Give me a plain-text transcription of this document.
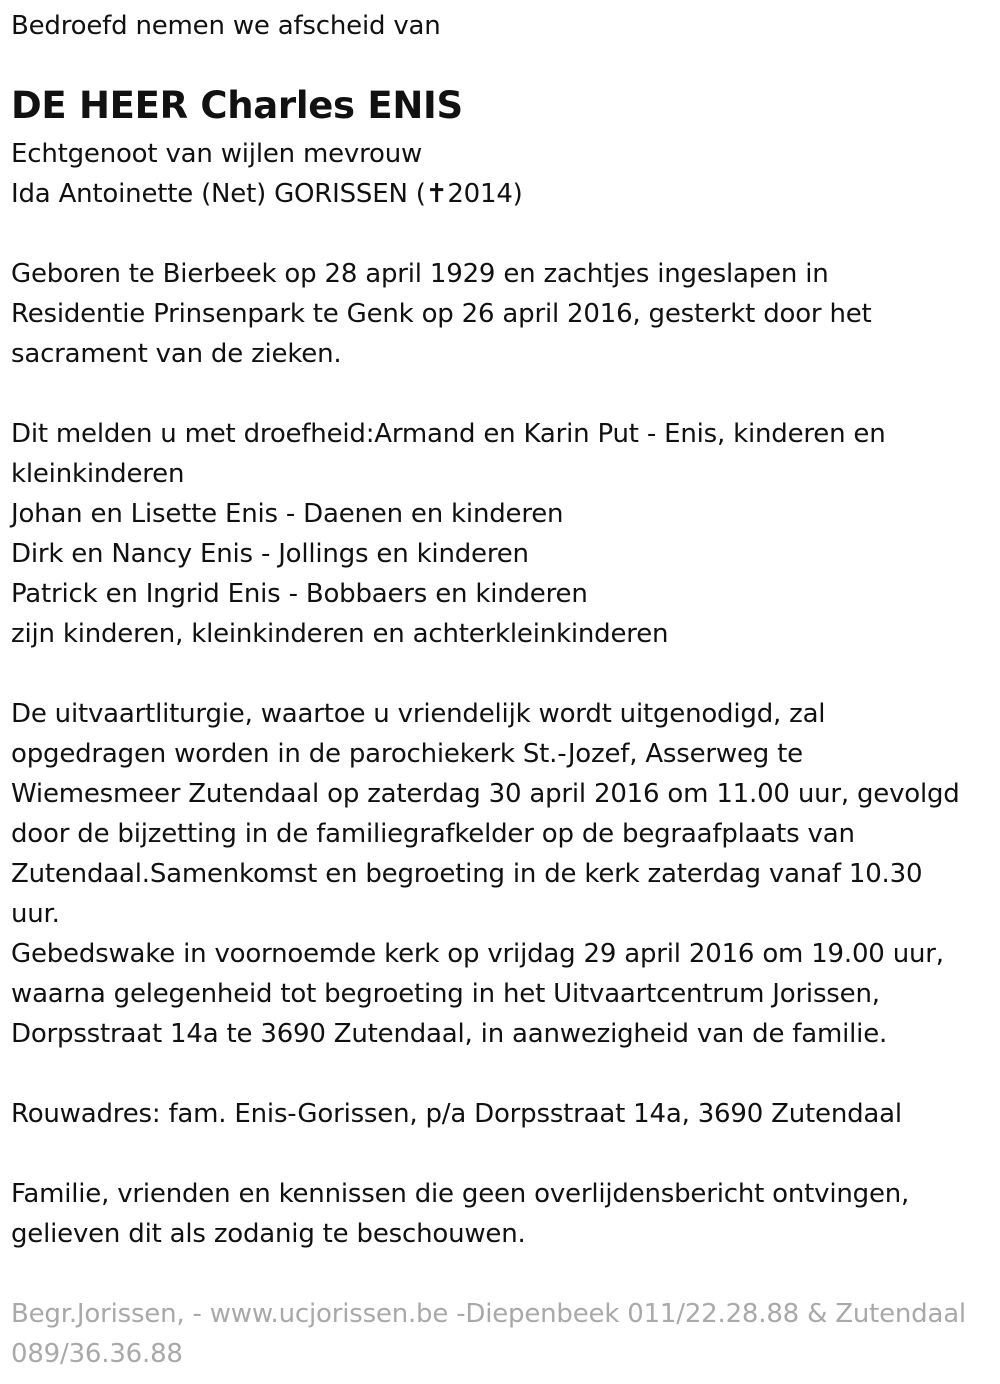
Bedroefd nemen we afscheid van
DE HEER Charles ENIS
Echtgenoot van wijlen mevrouw
Ida Antoinette (Net) GORISSEN (✝2014)
Geboren te Bierbeek op 28 april 1929 en zachtjes ingeslapen in
Residentie Prinsenpark te Genk op 26 april 2016, gesterkt door het
sacrament van de zieken.
Dit melden u met droefheid:Armand en Karin Put - Enis, kinderen en
kleinkinderen
Johan en Lisette Enis - Daenen en kinderen
Dirk en Nancy Enis - Jollings en kinderen
Patrick en Ingrid Enis - Bobbaers en kinderen
zijn kinderen, kleinkinderen en achterkleinkinderen
De uitvaartliturgie, waartoe u vriendelijk wordt uitgenodigd, zal
opgedragen worden in de parochiekerk St.-Jozef, Asserweg te
Wiemesmeer Zutendaal op zaterdag 30 april 2016 om 11.00 uur, gevolgd
door de bijzetting in de familiegrafkelder op de begraafplaats van
Zutendaal.Samenkomst en begroeting in de kerk zaterdag vanaf 10.30
uur.
Gebedswake in voornoemde kerk op vrijdag 29 april 2016 om 19.00 uur,
waarna gelegenheid tot begroeting in het Uitvaartcentrum Jorissen,
Dorpsstraat 14a te 3690 Zutendaal, in aanwezigheid van de familie.
Rouwadres: fam. Enis-Gorissen, p/a Dorpsstraat 14a, 3690 Zutendaal
Familie, vrienden en kennissen die geen overlijdensbericht ontvingen,
gelieven dit als zodanig te beschouwen.
Begr.Jorissen, - www.ucjorissen.be -Diepenbeek 011/22.28.88 & Zutendaal
089/36.36.88
